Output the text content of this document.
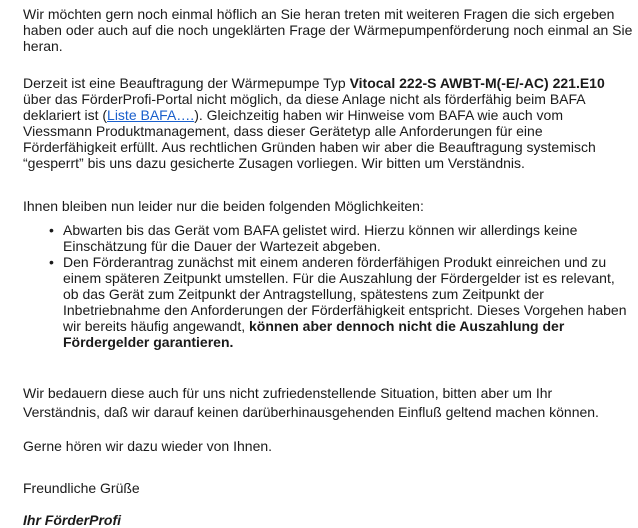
Wir möchten gern noch einmal höflich an Sie heran treten mit weiteren Fragen die sich ergeben haben oder auch auf die noch ungeklärten Frage der Wärmepumpenförderung noch einmal an Sie heran.

Derzeit ist eine Beauftragung der Wärmepumpe Typ Vitocal 222-S AWBT-M(-E/-AC) 221.E10 über das FörderProfi-Portal nicht möglich, da diese Anlage nicht als förderfähig beim BAFA deklariert ist (Liste BAFA….). Gleichzeitig haben wir Hinweise vom BAFA wie auch vom Viessmann Produktmanagement, dass dieser Gerätetyp alle Anforderungen für eine Förderfähigkeit erfüllt. Aus rechtlichen Gründen haben wir aber die Beauftragung systemisch “gesperrt” bis uns dazu gesicherte Zusagen vorliegen. Wir bitten um Verständnis.

Ihnen bleiben nun leider nur die beiden folgenden Möglichkeiten:

• Abwarten bis das Gerät vom BAFA gelistet wird. Hierzu können wir allerdings keine Einschätzung für die Dauer der Wartezeit abgeben.
• Den Förderantrag zunächst mit einem anderen förderfähigen Produkt einreichen und zu einem späteren Zeitpunkt umstellen. Für die Auszahlung der Fördergelder ist es relevant, ob das Gerät zum Zeitpunkt der Antragstellung, spätestens zum Zeitpunkt der Inbetriebnahme den Anforderungen der Förderfähigkeit entspricht. Dieses Vorgehen haben wir bereits häufig angewandt, können aber dennoch nicht die Auszahlung der Fördergelder garantieren.

Wir bedauern diese auch für uns nicht zufriedenstellende Situation, bitten aber um Ihr
Verständnis, daß wir darauf keinen darüberhinausgehenden Einfluß geltend machen können.

Gerne hören wir dazu wieder von Ihnen.

Freundliche Grüße

Ihr FörderProfi
